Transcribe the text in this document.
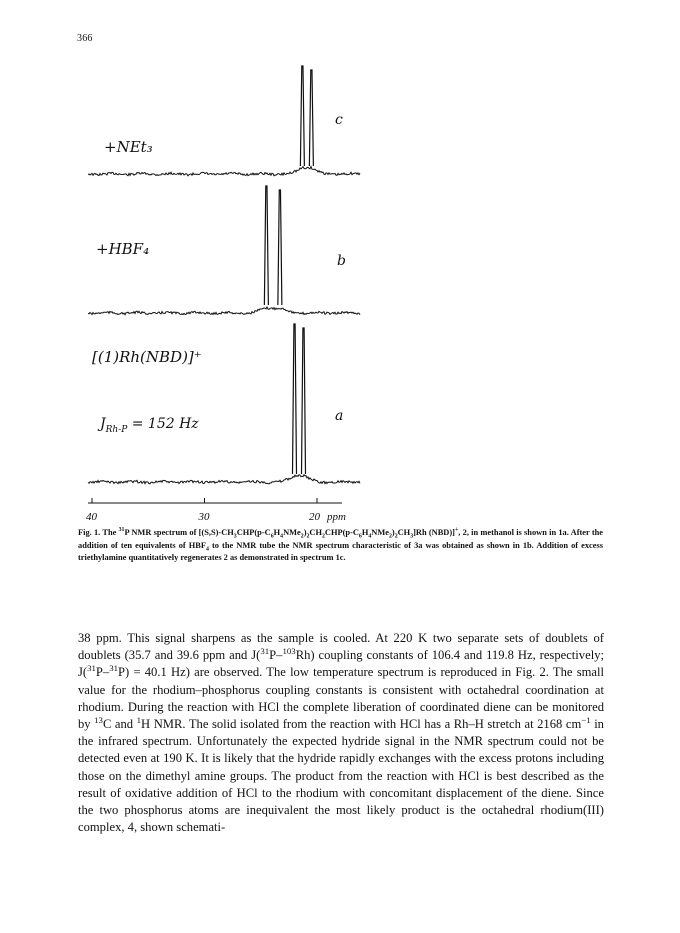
366
+NEt₃
c
+HBF₄
b
[(1)Rh(NBD)]⁺
$J_{Rh-P} = 152$ Hz	a
40	30	20 ppm
Fig. 1. The $^{31}$P NMR spectrum of $[(S,S)-CH_3CHP(p-C_6H_4NMe_2)_2CH_2CHP(p-C_6H_4NMe_2)_2CH_3]Rh$ (NBD)]+, 2, in methanol is shown in 1a. After the addition of ten equivalents of $HBF_4$ to the NMR tube the NMR spectrum characteristic of 3a was obtained as shown in 1b. Addition of excess triethylamine quantitatively regenerates 2 as demonstrated in spectrum 1c.

38 ppm. This signal sharpens as the sample is cooled. At 220 K two separate sets of doublets of doublets (35.7 and 39.6 ppm and J($^{31}$P–$^{103}$Rh) coupling constants of 106.4 and 119.8 Hz, respectively; J($^{31}$P–$^{31}$P) = 40.1 Hz) are observed. The low temperature spectrum is reproduced in Fig. 2. The small value for the rhodium–phosphorus coupling constants is consistent with octahedral coordination at rhodium. During the reaction with HCl the complete liberation of coordinated diene can be monitored by $^{13}$C and $^1$H NMR. The solid isolated from the reaction with HCl has a Rh–H stretch at 2168 $cm^{-1}$ in the infrared spectrum. Unfortunately the expected hydride signal in the NMR spectrum could not be detected even at 190 K. It is likely that the hydride rapidly exchanges with the excess protons including those on the dimethyl amine groups. The product from the reaction with HCl is best described as the result of oxidative addition of HCl to the rhodium with concomitant displacement of the diene. Since the two phosphorus atoms are inequivalent the most likely product is the octahedral rhodium(III) complex, 4, shown schemati-
